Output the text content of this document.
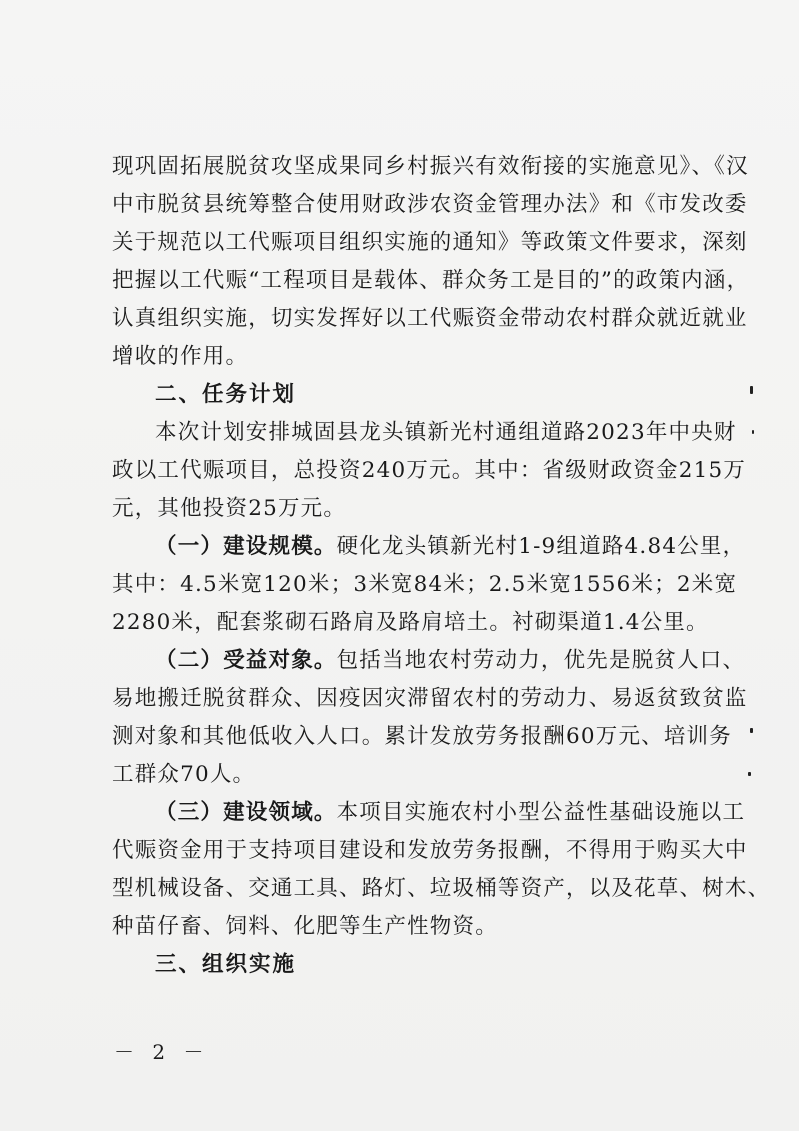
现巩固拓展脱贫攻坚成果同乡村振兴有效衔接的实施意见》、《汉
中市脱贫县统筹整合使用财政涉农资金管理办法》和《市发改委
关于规范以工代赈项目组织实施的通知》等政策文件要求，深刻
把握以工代赈“工程项目是载体、群众务工是目的”的政策内涵，
认真组织实施，切实发挥好以工代赈资金带动农村群众就近就业
增收的作用。
二、任务计划
本次计划安排城固县龙头镇新光村通组道路2023年中央财
政以工代赈项目，总投资240万元。其中：省级财政资金215万
元，其他投资25万元。
（一）建设规模。硬化龙头镇新光村1-9组道路4.84公里，
其中：4.5米宽120米；3米宽84米；2.5米宽1556米；2米宽
2280米，配套浆砌石路肩及路肩培土。衬砌渠道1.4公里。
（二）受益对象。包括当地农村劳动力，优先是脱贫人口、
易地搬迁脱贫群众、因疫因灾滞留农村的劳动力、易返贫致贫监
测对象和其他低收入人口。累计发放劳务报酬60万元、培训务
工群众70人。
（三）建设领域。本项目实施农村小型公益性基础设施以工
代赈资金用于支持项目建设和发放劳务报酬，不得用于购买大中
型机械设备、交通工具、路灯、垃圾桶等资产，以及花草、树木、
种苗仔畜、饲料、化肥等生产性物资。
三、组织实施
－ 2 －
